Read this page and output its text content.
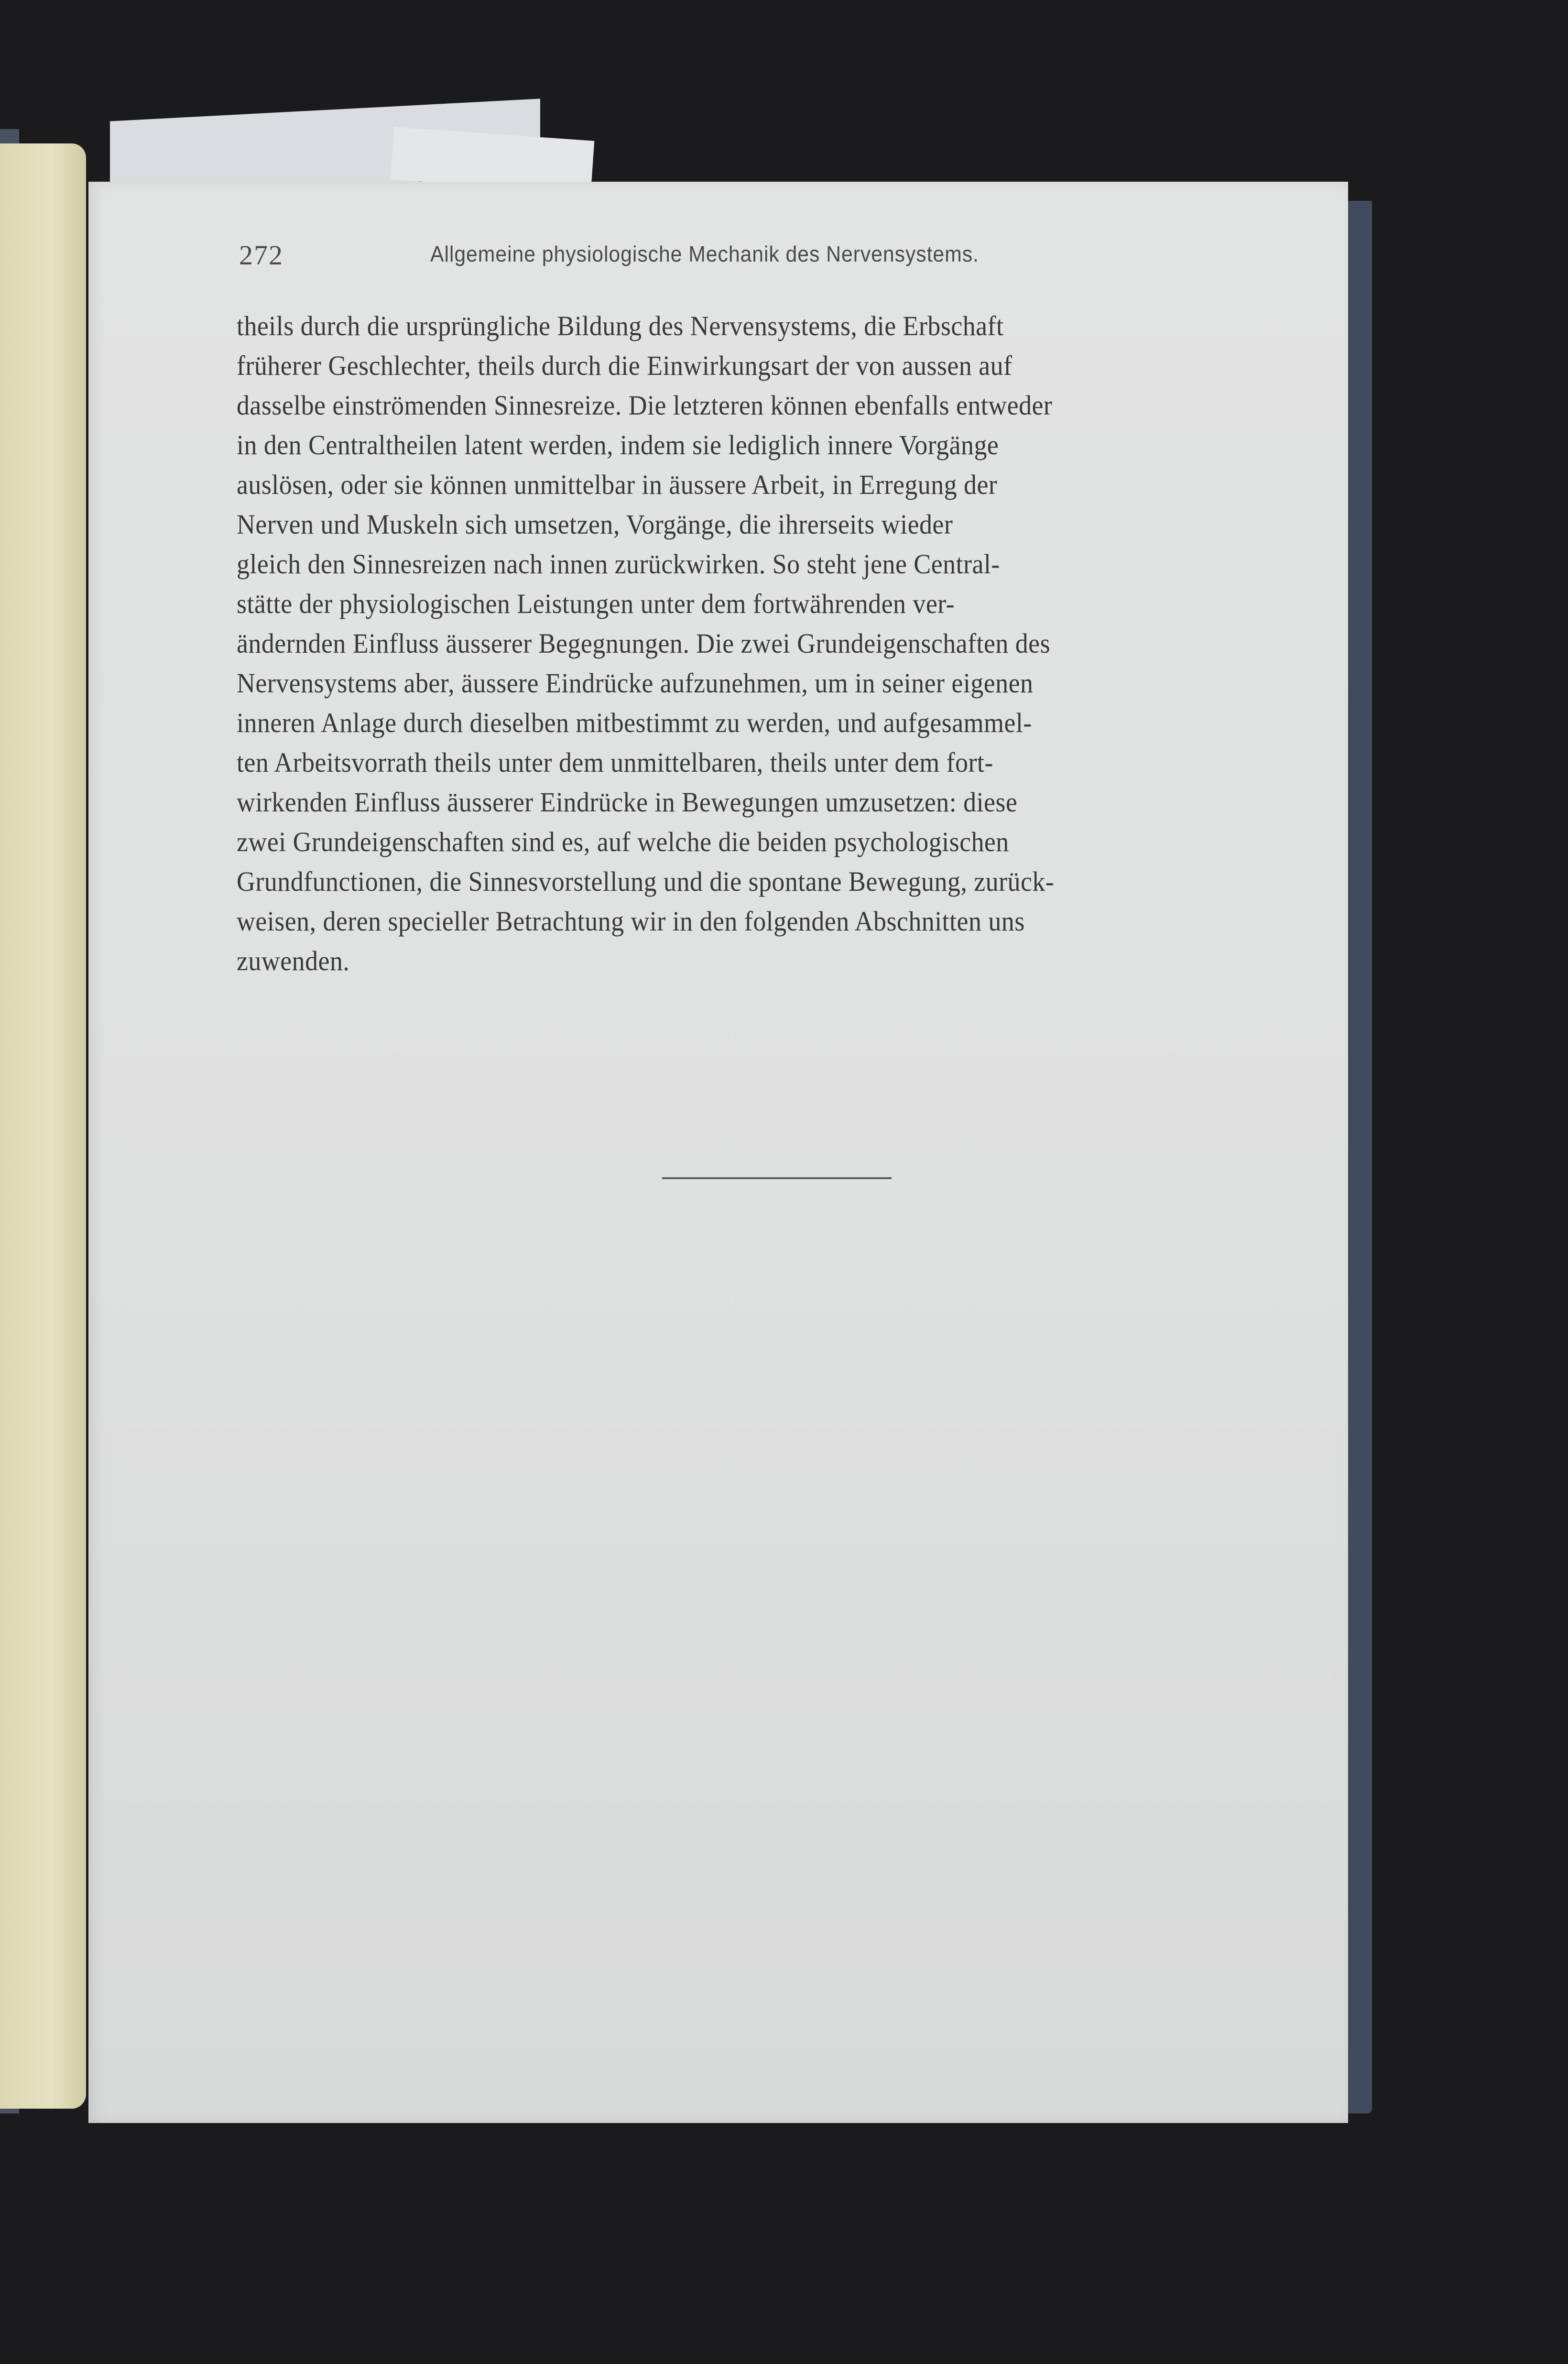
272	Allgemeine physiologische Mechanik des Nervensystems.
theils durch die ursprüngliche Bildung des Nervensystems, die Erbschaft
früherer Geschlechter, theils durch die Einwirkungsart der von aussen auf
dasselbe einströmenden Sinnesreize. Die letzteren können ebenfalls entweder
in den Centraltheilen latent werden, indem sie lediglich innere Vorgänge
auslösen, oder sie können unmittelbar in äussere Arbeit, in Erregung der
Nerven und Muskeln sich umsetzen, Vorgänge, die ihrerseits wieder
gleich den Sinnesreizen nach innen zurückwirken. So steht jene Central-
stätte der physiologischen Leistungen unter dem fortwährenden ver-
ändernden Einfluss äusserer Begegnungen. Die zwei Grundeigenschaften des
Nervensystems aber, äussere Eindrücke aufzunehmen, um in seiner eigenen
inneren Anlage durch dieselben mitbestimmt zu werden, und aufgesammel-
ten Arbeitsvorrath theils unter dem unmittelbaren, theils unter dem fort-
wirkenden Einfluss äusserer Eindrücke in Bewegungen umzusetzen: diese
zwei Grundeigenschaften sind es, auf welche die beiden psychologischen
Grundfunctionen, die Sinnesvorstellung und die spontane Bewegung, zurück-
weisen, deren specieller Betrachtung wir in den folgenden Abschnitten uns
zuwenden.
